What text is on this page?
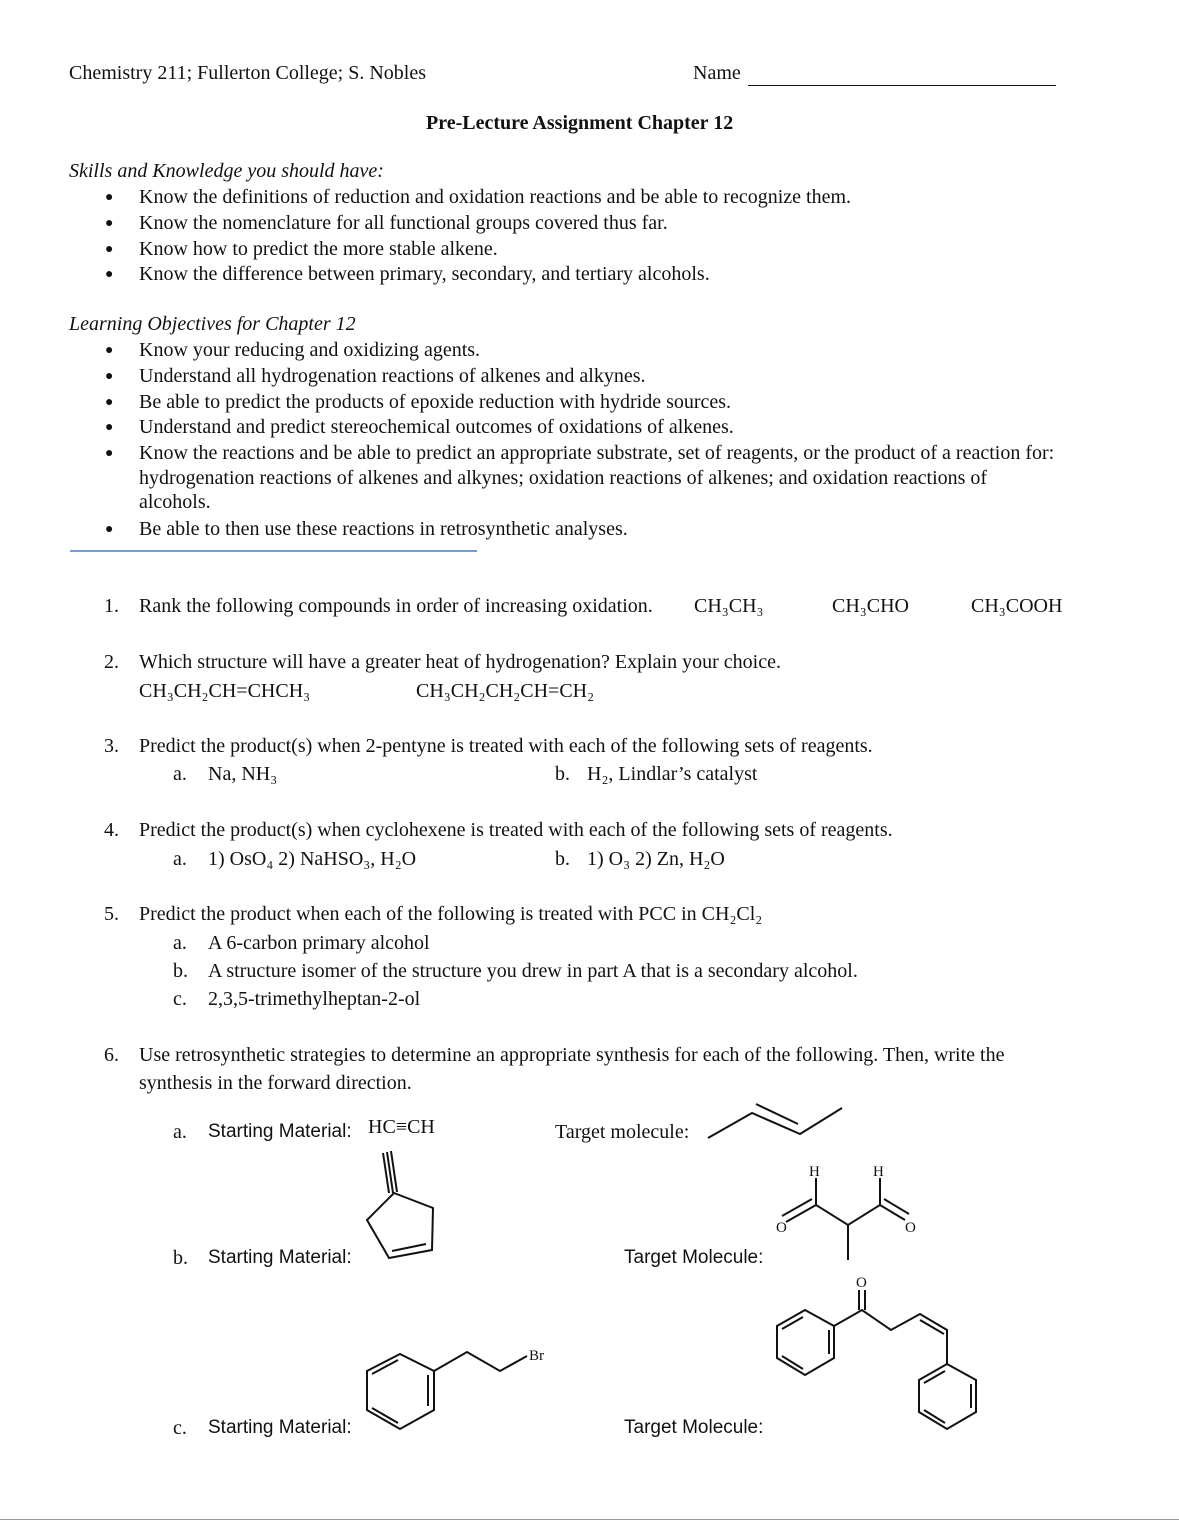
Chemistry 211; Fullerton College; S. Nobles	Name
Pre-Lecture Assignment Chapter 12
Skills and Knowledge you should have:
● Know the definitions of reduction and oxidation reactions and be able to recognize them.
● Know the nomenclature for all functional groups covered thus far.
● Know how to predict the more stable alkene.
● Know the difference between primary, secondary, and tertiary alcohols.
Learning Objectives for Chapter 12
● Know your reducing and oxidizing agents.
● Understand all hydrogenation reactions of alkenes and alkynes.
● Be able to predict the products of epoxide reduction with hydride sources.
● Understand and predict stereochemical outcomes of oxidations of alkenes.
● Know the reactions and be able to predict an appropriate substrate, set of reagents, or the product of a reaction for:
hydrogenation reactions of alkenes and alkynes; oxidation reactions of alkenes; and oxidation reactions of
alcohols.
● Be able to then use these reactions in retrosynthetic analyses.
1. Rank the following compounds in order of increasing oxidation. CH₃CH₃	CH₃CHO	CH₃COOH
2. Which structure will have a greater heat of hydrogenation? Explain your choice.
CH₃CH₂CH=CHCH₃	CH₃CH₂CH₂CH=CH₂
3. Predict the product(s) when 2-pentyne is treated with each of the following sets of reagents.
a. Na, NH₃	b. H₂, Lindlar’s catalyst
4. Predict the product(s) when cyclohexene is treated with each of the following sets of reagents.
a. 1) OsO₄ 2) NaHSO₃, H₂O	b. 1) O₃ 2) Zn, H₂O
5. Predict the product when each of the following is treated with PCC in CH₂Cl₂
a. A 6-carbon primary alcohol
b. A structure isomer of the structure you drew in part A that is a secondary alcohol.
c. 2,3,5-trimethylheptan-2-ol
6. Use retrosynthetic strategies to determine an appropriate synthesis for each of the following. Then, write the
synthesis in the forward direction.
a. Starting Material: HC≡CH	Target molecule:
b. Starting Material:	Target Molecule:
H	H
O	O
c. Starting Material:	Target Molecule:
Br
O
